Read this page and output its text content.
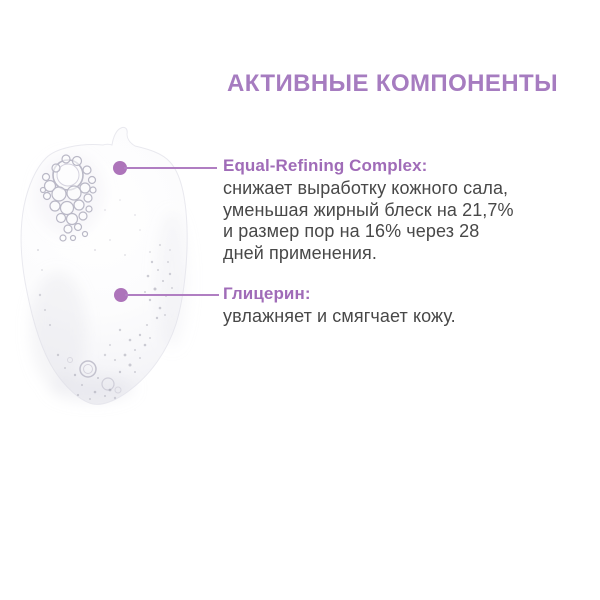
АКТИВНЫЕ КОМПОНЕНТЫ
Equal-Refining Complex:

снижает выработку кожного сала, уменьшая жирный блеск на 21,7% и размер пор на 16% через 28 дней применения.

Глицерин:

увлажняет и смягчает кожу.
